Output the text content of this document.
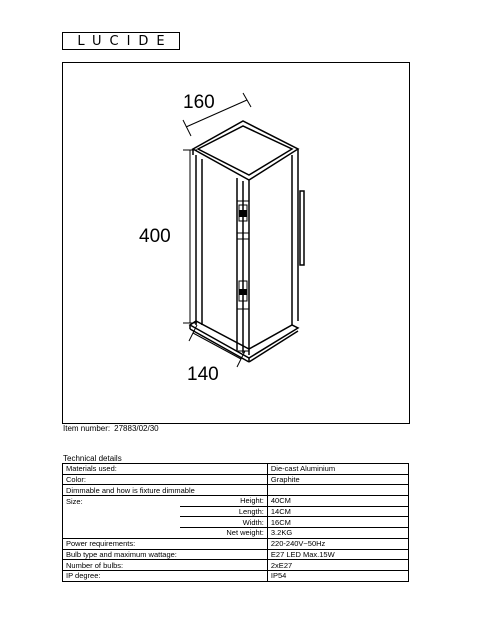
LUCIDE
160
400
140
Item number: 27883/02/30
Technical details
Materials used:		Die-cast Aluminium
Color:		Graphite
Dimmable and how is fixture dimmable		
Size:	Height:	40CM
	Length:	14CM
	Width:	16CM
	Net weight:	3.2KG
Power requirements:		220-240V~50Hz
Bulb type and maximum wattage:		E27 LED Max.15W
Number of bulbs:		2xE27
IP degree:		IP54
